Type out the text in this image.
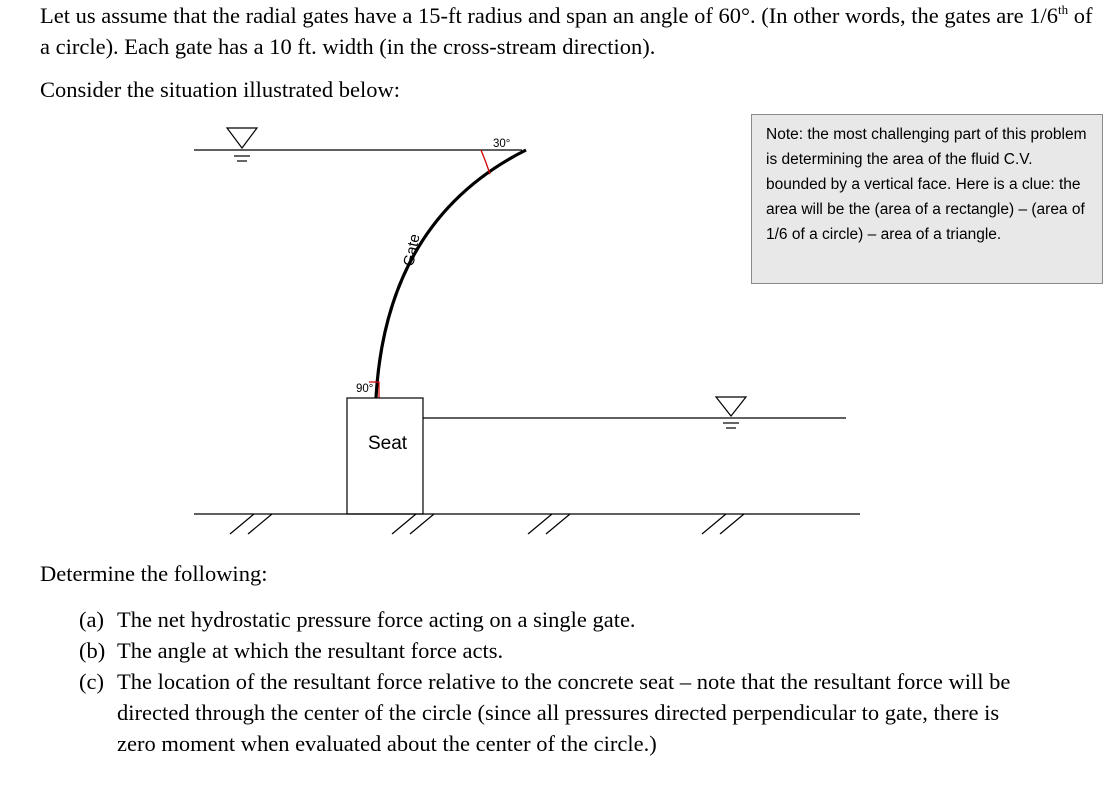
Let us assume that the radial gates have a 15-ft radius and span an angle of 60°. (In other words, the gates are 1/6th of a circle). Each gate has a 10 ft. width (in the cross-stream direction).

Consider the situation illustrated below:

30°
Gate
90°
Seat
Note: the most challenging part of this problem is determining the area of the fluid C.V. bounded by a vertical face. Here is a clue: the area will be the (area of a rectangle) – (area of 1/6 of a circle) – area of a triangle.

Determine the following:

(a) The net hydrostatic pressure force acting on a single gate.
(b) The angle at which the resultant force acts.
(c) The location of the resultant force relative to the concrete seat – note that the resultant force will be directed through the center of the circle (since all pressures directed perpendicular to gate, there is zero moment when evaluated about the center of the circle.)
